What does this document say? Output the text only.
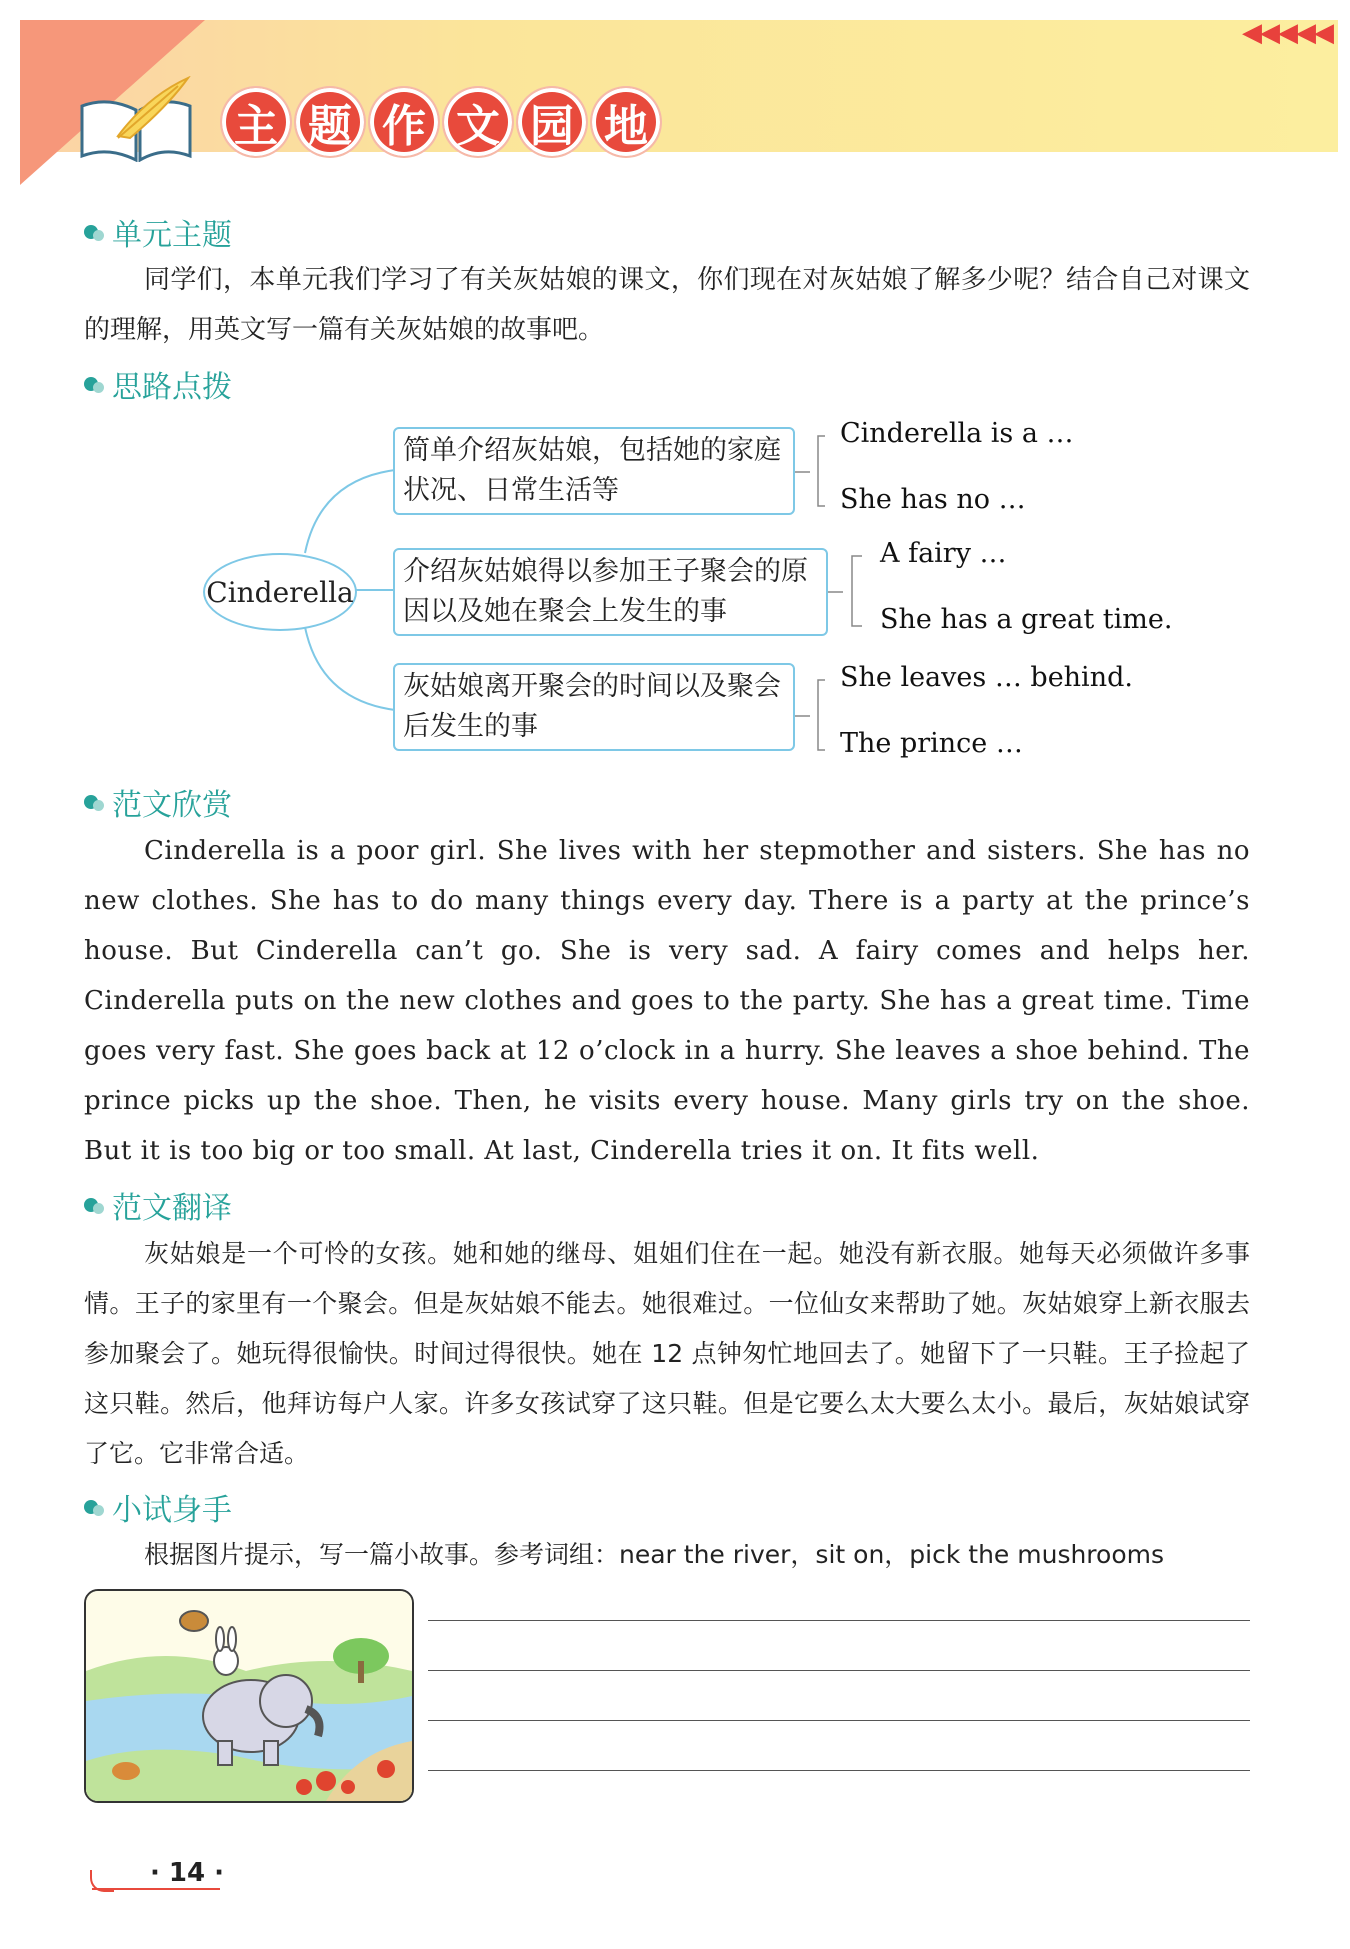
◀◀◀◀◀
主 题 作 文 园 地
单元主题
同学们，本单元我们学习了有关灰姑娘的课文，你们现在对灰姑娘了解多少呢？结合自己对课文的理解，用英文写一篇有关灰姑娘的故事吧。
思路点拨
Cinderella
简单介绍灰姑娘，包括她的家庭状况、日常生活等
Cinderella is a …
She has no …
介绍灰姑娘得以参加王子聚会的原因以及她在聚会上发生的事
A fairy …
She has a great time.
灰姑娘离开聚会的时间以及聚会后发生的事
She leaves … behind.
The prince …
范文欣赏
Cinderella is a poor girl. She lives with her stepmother and sisters. She has no new clothes. She has to do many things every day. There is a party at the prince’s house. But Cinderella can’t go. She is very sad. A fairy comes and helps her. Cinderella puts on the new clothes and goes to the party. She has a great time. Time goes very fast. She goes back at 12 o’clock in a hurry. She leaves a shoe behind. The prince picks up the shoe. Then, he visits every house. Many girls try on the shoe. But it is too big or too small. At last, Cinderella tries it on. It fits well.
范文翻译
灰姑娘是一个可怜的女孩。她和她的继母、姐姐们住在一起。她没有新衣服。她每天必须做许多事情。王子的家里有一个聚会。但是灰姑娘不能去。她很难过。一位仙女来帮助了她。灰姑娘穿上新衣服去参加聚会了。她玩得很愉快。时间过得很快。她在 12 点钟匆忙地回去了。她留下了一只鞋。王子捡起了这只鞋。然后，他拜访每户人家。许多女孩试穿了这只鞋。但是它要么太大要么太小。最后，灰姑娘试穿了它。它非常合适。
小试身手
根据图片提示，写一篇小故事。参考词组：near the river，sit on，pick the mushrooms
· 14 ·
